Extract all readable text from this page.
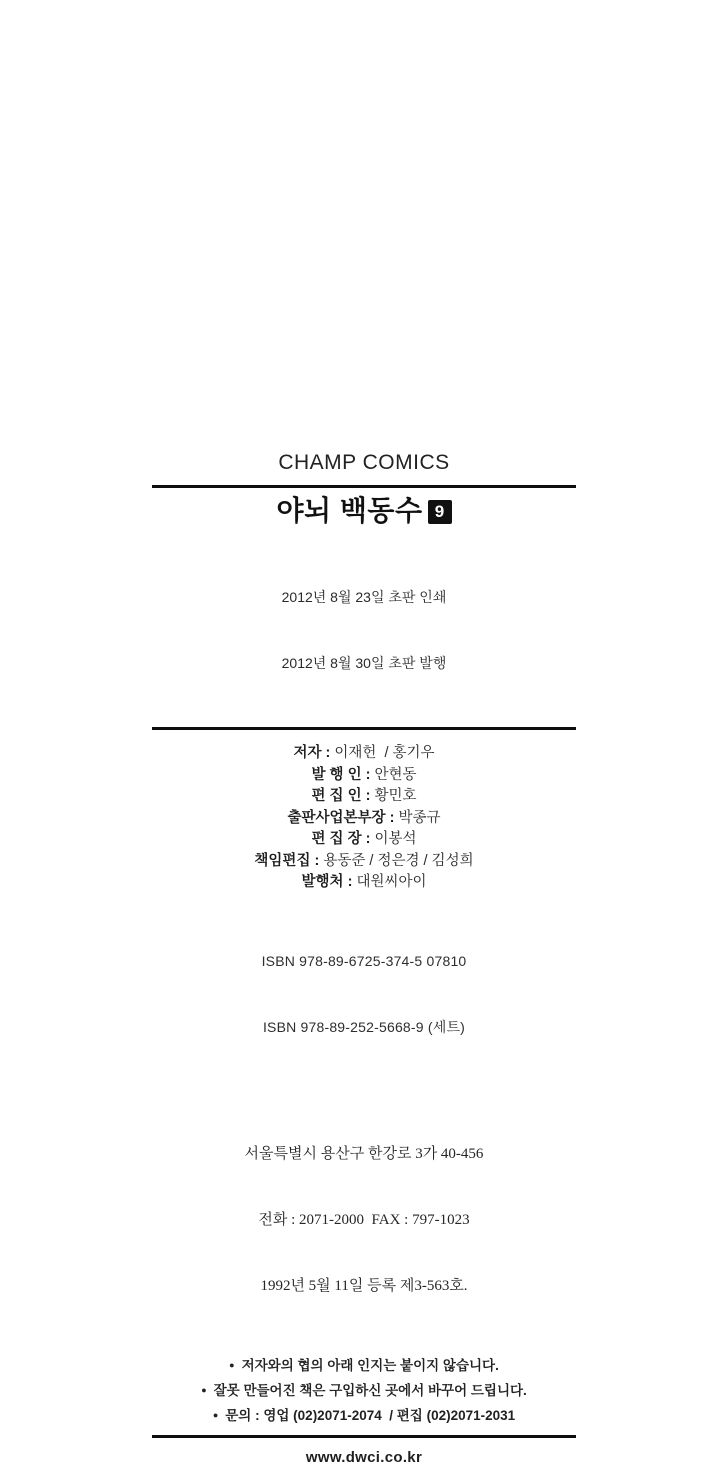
CHAMP COMICS
야뇌 백동수 9

2012년 8월 23일 초판 인쇄

2012년 8월 30일 초판 발행

저자 : 이재헌  / 홍기우
발 행 인 : 안현동
편 집 인 : 황민호
출판사업본부장 : 박종규
편 집 장 : 이봉석
책임편집 : 용동준 / 정은경 / 김성희
발행처 : 대원씨아이

ISBN 978-89-6725-374-5 07810

ISBN 978-89-252-5668-9 (세트)

서울특별시 용산구 한강로 3가 40-456

전화 : 2071-2000  FAX : 797-1023

1992년 5월 11일 등록 제3-563호.

● 저자와의 협의 아래 인지는 붙이지 않습니다.
● 잘못 만들어진 책은 구입하신 곳에서 바꾸어 드립니다.
● 문의 : 영업 (02)2071-2074  / 편집 (02)2071-2031
www.dwci.co.kr
